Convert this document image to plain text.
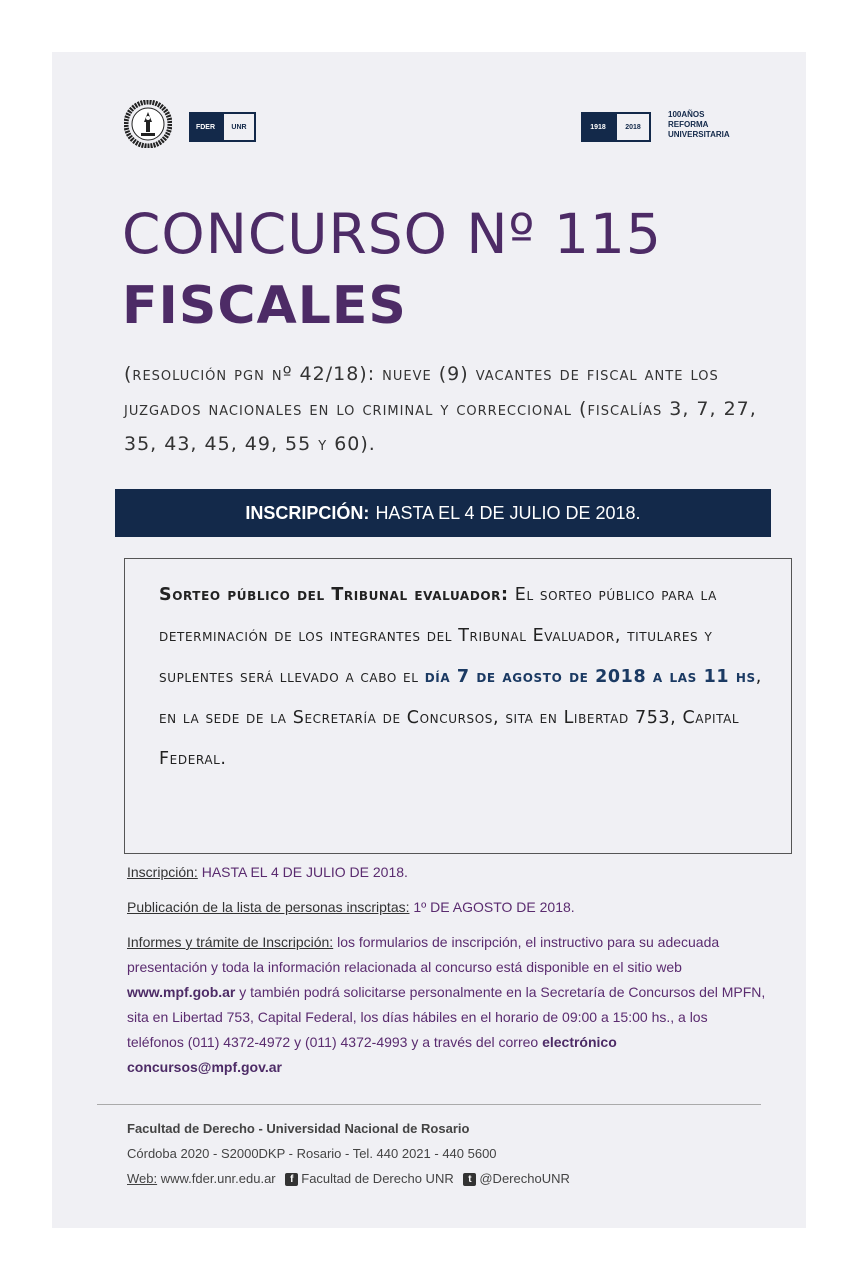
FDER	UNR	1918	2018
100AÑOS
REFORMA
UNIVERSITARIA
CONCURSO Nº 115
FISCALES
(resolución pgn nº 42/18): nueve (9) vacantes de fiscal ante los juzgados nacionales en lo criminal y correccional (fiscalías 3, 7, 27, 35, 43, 45, 49, 55 y 60).
INSCRIPCIÓN: HASTA EL 4 DE JULIO DE 2018.
Sorteo público del Tribunal evaluador: El sorteo público para la determinación de los integrantes del Tribunal Evaluador, titulares y suplentes será llevado a cabo el día 7 de agosto de 2018 a las 11 hs, en la sede de la Secretaría de Concursos, sita en Libertad 753, Capital Federal.

Inscripción: HASTA EL 4 DE JULIO DE 2018.

Publicación de la lista de personas inscriptas: 1º DE AGOSTO DE 2018.

Informes y trámite de Inscripción: los formularios de inscripción, el instructivo para su adecuada presentación y toda la información relacionada al concurso está disponible en el sitio web www.mpf.gob.ar y también podrá solicitarse personalmente en la Secretaría de Concursos del MPFN, sita en Libertad 753, Capital Federal, los días hábiles en el horario de 09:00 a 15:00 hs., a los teléfonos (011) 4372-4972 y (011) 4372-4993 y a través del correo electrónico concursos@mpf.gov.ar

Facultad de Derecho - Universidad Nacional de Rosario
Córdoba 2020 - S2000DKP - Rosario - Tel. 440 2021 - 440 5600
Web: www.fder.unr.edu.ar f Facultad de Derecho UNR t @DerechoUNR
